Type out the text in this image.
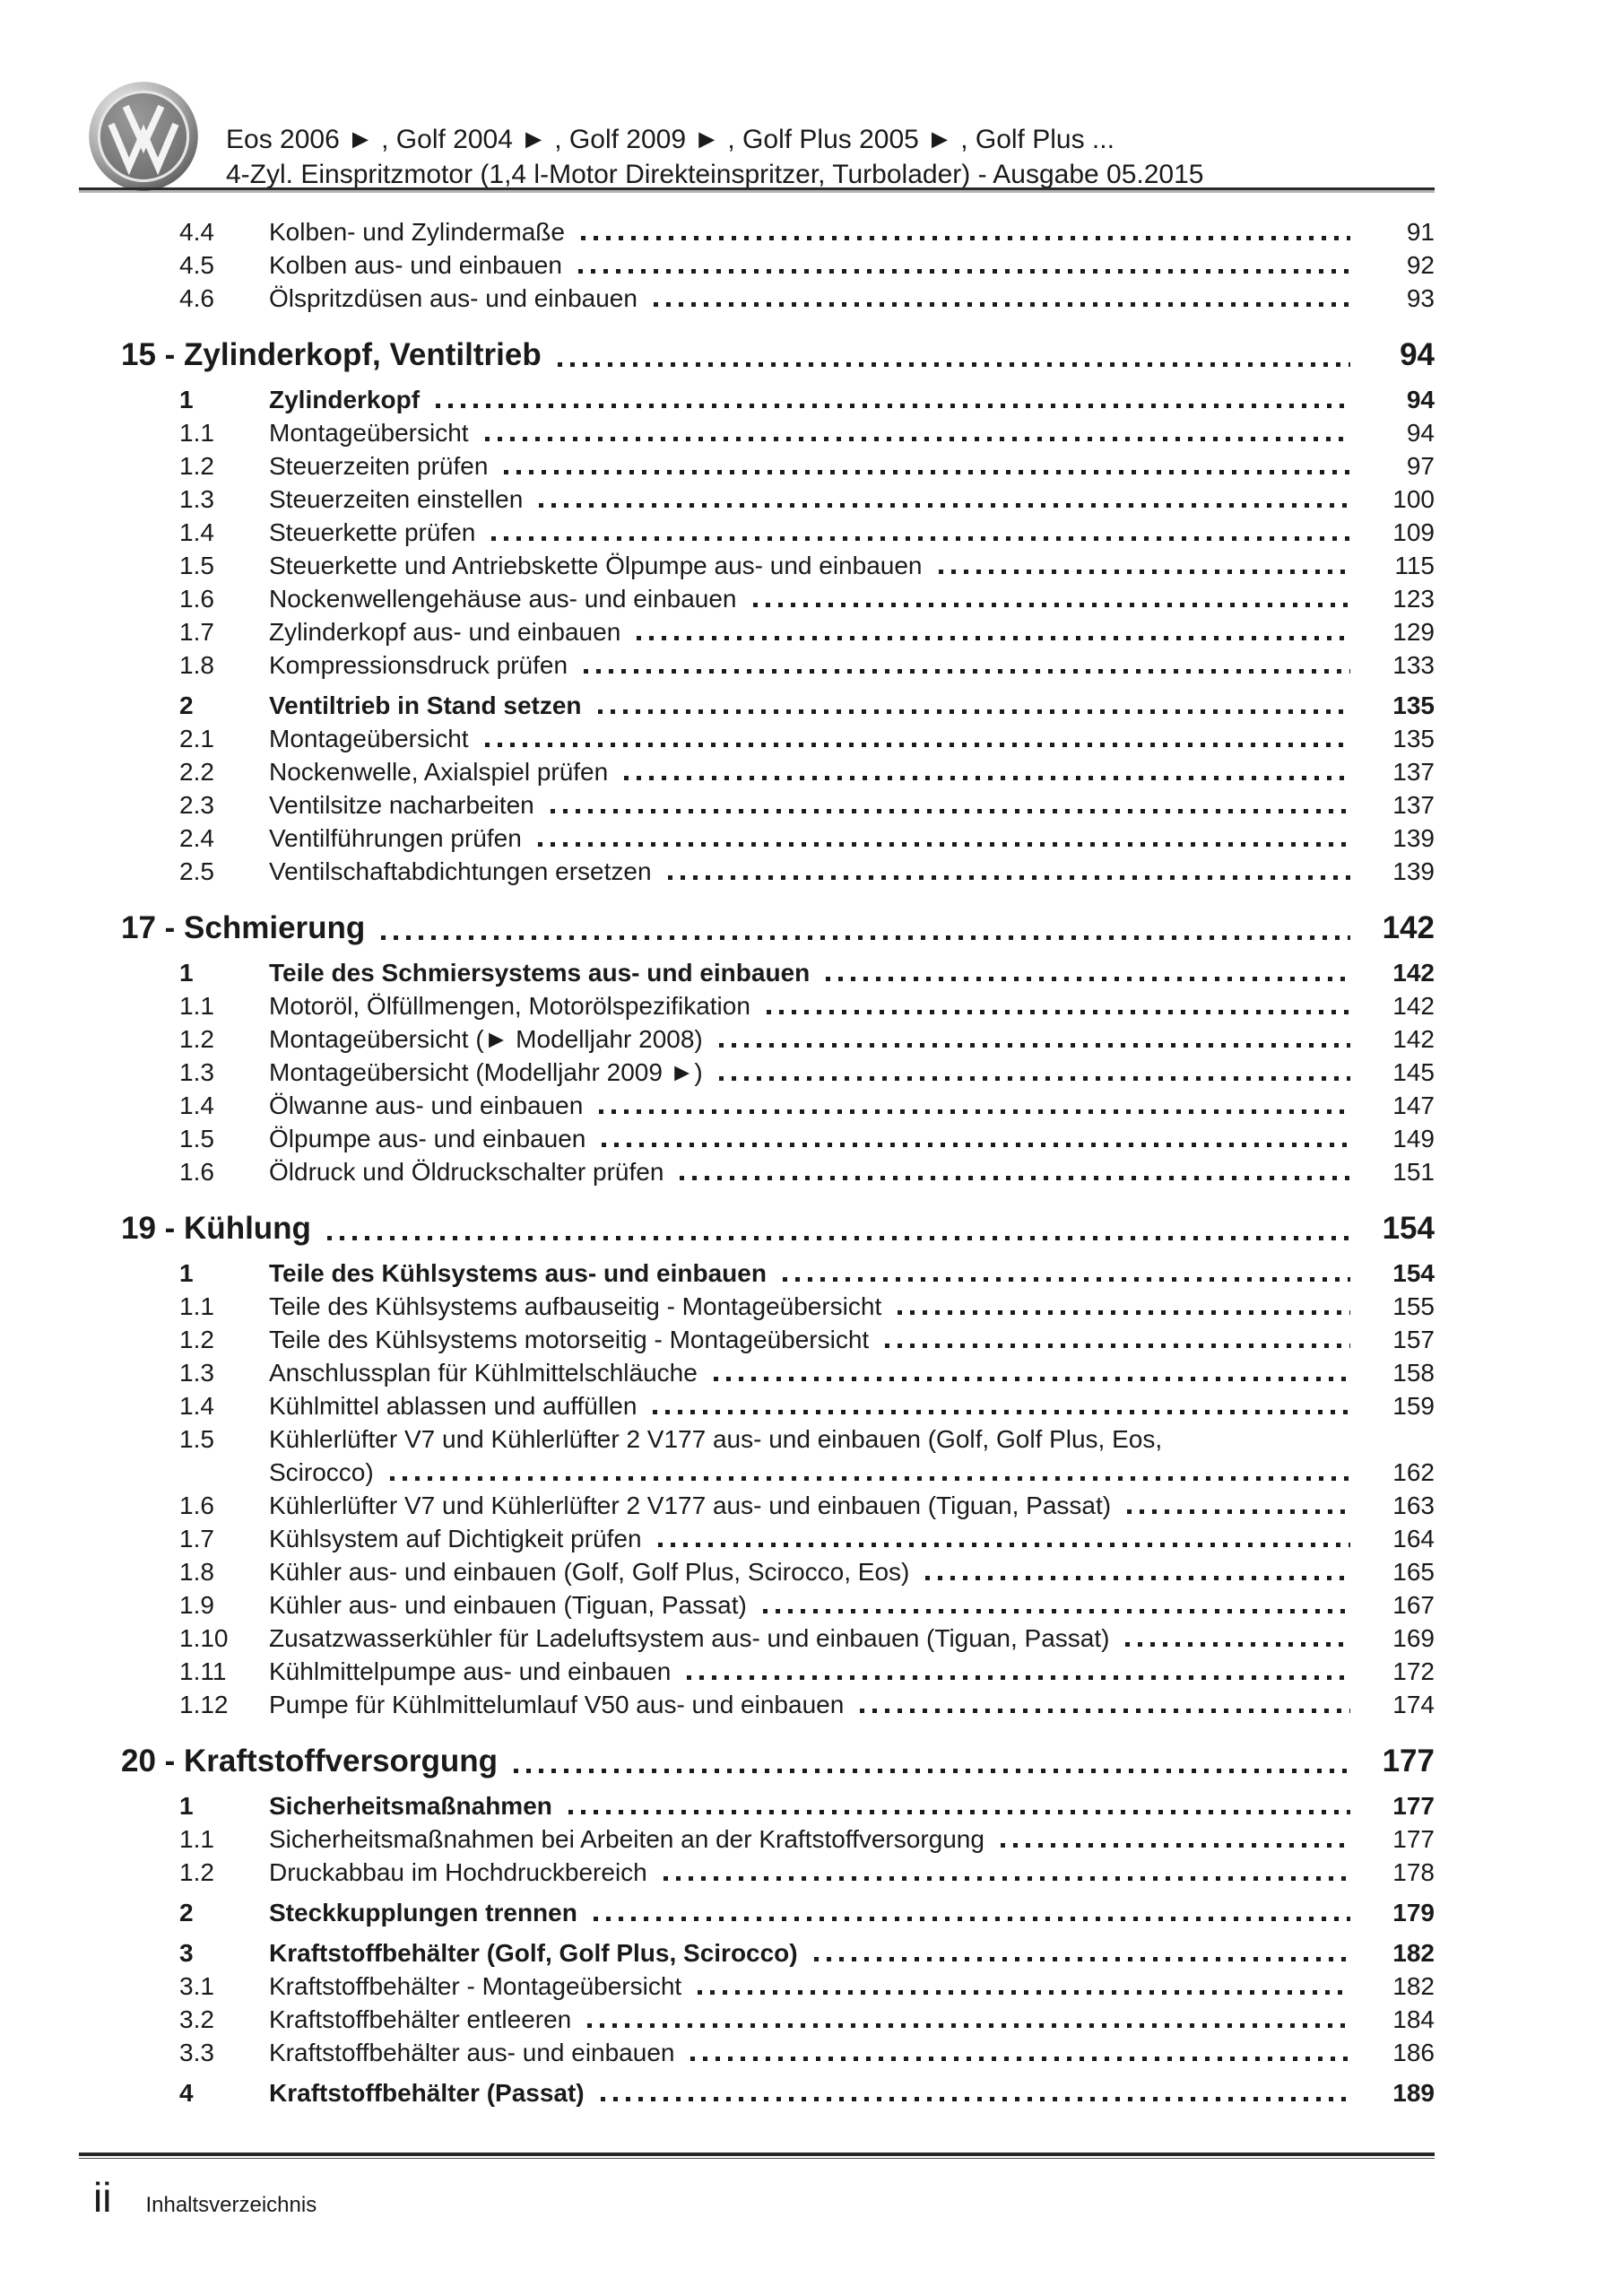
Eos 2006 ► , Golf 2004 ► , Golf 2009 ► , Golf Plus 2005 ► , Golf Plus ...
4-Zyl. Einspritzmotor (1,4 l-Motor Direkteinspritzer, Turbolader) - Ausgabe 05.2015
4.4	Kolben- und Zylindermaße	91
4.5	Kolben aus- und einbauen	92
4.6	Ölspritzdüsen aus- und einbauen	93
15 - Zylinderkopf, Ventiltrieb	94
1	Zylinderkopf	94
1.1	Montageübersicht	94
1.2	Steuerzeiten prüfen	97
1.3	Steuerzeiten einstellen	100
1.4	Steuerkette prüfen	109
1.5	Steuerkette und Antriebskette Ölpumpe aus- und einbauen	115
1.6	Nockenwellengehäuse aus- und einbauen	123
1.7	Zylinderkopf aus- und einbauen	129
1.8	Kompressionsdruck prüfen	133
2	Ventiltrieb in Stand setzen	135
2.1	Montageübersicht	135
2.2	Nockenwelle, Axialspiel prüfen	137
2.3	Ventilsitze nacharbeiten	137
2.4	Ventilführungen prüfen	139
2.5	Ventilschaftabdichtungen ersetzen	139
17 - Schmierung	142
1	Teile des Schmiersystems aus- und einbauen	142
1.1	Motoröl, Ölfüllmengen, Motorölspezifikation	142
1.2	Montageübersicht (► Modelljahr 2008)	142
1.3	Montageübersicht (Modelljahr 2009 ►)	145
1.4	Ölwanne aus- und einbauen	147
1.5	Ölpumpe aus- und einbauen	149
1.6	Öldruck und Öldruckschalter prüfen	151
19 - Kühlung	154
1	Teile des Kühlsystems aus- und einbauen	154
1.1	Teile des Kühlsystems aufbauseitig - Montageübersicht	155
1.2	Teile des Kühlsystems motorseitig - Montageübersicht	157
1.3	Anschlussplan für Kühlmittelschläuche	158
1.4	Kühlmittel ablassen und auffüllen	159
1.5	Kühlerlüfter V7 und Kühlerlüfter 2 V177 aus- und einbauen (Golf, Golf Plus, Eos,
Scirocco)	162
1.6	Kühlerlüfter V7 und Kühlerlüfter 2 V177 aus- und einbauen (Tiguan, Passat)	163
1.7	Kühlsystem auf Dichtigkeit prüfen	164
1.8	Kühler aus- und einbauen (Golf, Golf Plus, Scirocco, Eos)	165
1.9	Kühler aus- und einbauen (Tiguan, Passat)	167
1.10	Zusatzwasserkühler für Ladeluftsystem aus- und einbauen (Tiguan, Passat)	169
1.11	Kühlmittelpumpe aus- und einbauen	172
1.12	Pumpe für Kühlmittelumlauf V50 aus- und einbauen	174
20 - Kraftstoffversorgung	177
1	Sicherheitsmaßnahmen	177
1.1	Sicherheitsmaßnahmen bei Arbeiten an der Kraftstoffversorgung	177
1.2	Druckabbau im Hochdruckbereich	178
2	Steckkupplungen trennen	179
3	Kraftstoffbehälter (Golf, Golf Plus, Scirocco)	182
3.1	Kraftstoffbehälter - Montageübersicht	182
3.2	Kraftstoffbehälter entleeren	184
3.3	Kraftstoffbehälter aus- und einbauen	186
4	Kraftstoffbehälter (Passat)	189
ii Inhaltsverzeichnis
